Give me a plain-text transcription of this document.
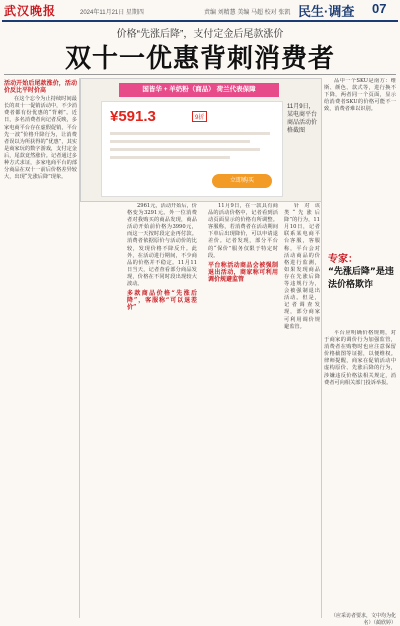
武汉晚报	2024年11月21日 星期四	责编 刘精慧 美编 马超 校对 张凯 民生·调查 07
价格“先涨后降”，支付定金后尾款涨价
双十一优惠背刺消费者

活动开始后尾款涨价，活动价反比平时价高

在这个忘今为止持续时间最长的双十一促销活动中，不少消费者都有份优惠的“背刺”。近日，多名消费者向记者反映，多家电商平台存在虚假促销，平台先一波“价格升降行为，让消费者误以为所获得的“优惠”，其实是商家玩的数字游戏，支付定金后，尾款竟然涨价。记者通过多种方式求证，多家电商平台的部分商品在双十一前后价格差异较大，出现“先涨后降”现象。

国皆华 + 羊奶粉（商品） 荷兰代表保障
¥591.3	9折
立即购买
11月9日，某电商平台商品活动价格截图

品中一个SKU是南方：维斯、颜色、款式等，进行换不下降，两者同一个页面，显示给消费者SKU的价格可能不一致，消费者难以识别。

2961元，活动开始后，价格变为3291元。外一位消费者对我购买的商品发现，商品活动开始前价格为3990元，而这一天按时段定金再付款。消费者依据原价与活动价的比较，发现价格不降反升。此外，在活动进行期间，不少商品的价格并不稳定。11月11日当天，记者查看部分商品发现，价格在不同时段出现较大波动。

多款商品价格“先涨后降”，客服称“可以退差价”

11月9日，在一款具有商品的活动价格中，记者看到活动页面显示的价格有所调整。客服称，若消费者在活动期间下单后出现降价，可以申请退差价。记者发现，部分平台的“保价”服务仅限于特定时段。

平台称活动商品会被强制退出活动，商家称可利用调价规避监管

针对该类“先涨后降”的行为，11月10日，记者联系某电商平台客服，客服称，平台会对活动商品的价格进行监测，如果发现商品存在先涨后降等违规行为，会被强制退出活动。但是，记者调查发现，部分商家可利用调价规避监管。

专家：
“先涨后降”是违法价格欺诈

平台应明确价格规则，对于商家的调价行为加强监管，消费者在购物时也应注意保留价格截图等证据，以便维权。律师提醒，商家在促销活动中虚构原价、先涨后降的行为，涉嫌违反价格法相关规定，消费者可向相关部门投诉举报。

（应采访者要求，文中均为化名）（蔺欣婷）
